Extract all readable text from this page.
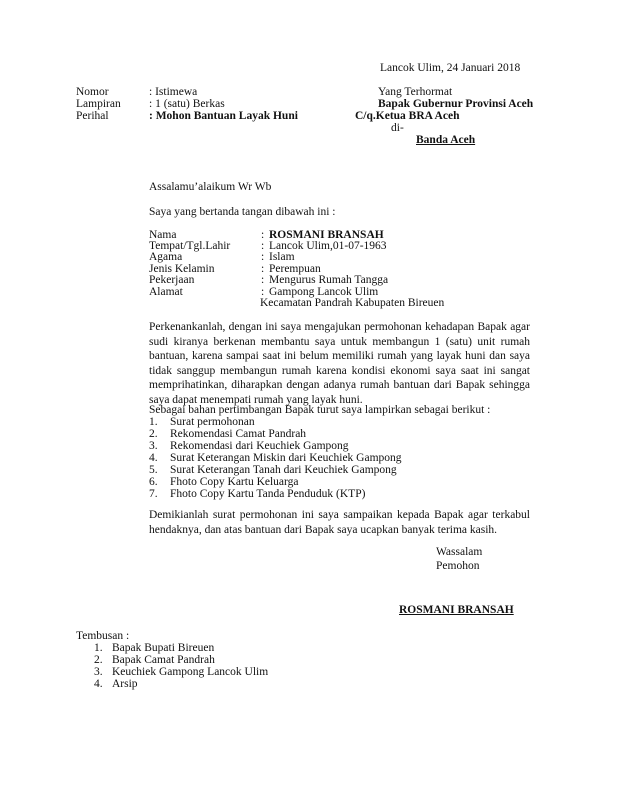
Lancok Ulim, 24 Januari 2018
Nomor	: Istimewa
Lampiran : 1 (satu) Berkas
Perihal	: Mohon Bantuan Layak Huni
Yang Terhormat
Bapak Gubernur Provinsi Aceh
C/q.Ketua BRA Aceh
di-
Banda Aceh
Assalamu’alaikum Wr Wb
Saya yang bertanda tangan dibawah ini :
Nama	: ROSMANI BRANSAH
Tempat/Tgl.Lahir	: Lancok Ulim,01-07-1963
Agama	: Islam
Jenis Kelamin	: Perempuan
Pekerjaan	: Mengurus Rumah Tangga
Alamat	: Gampong Lancok Ulim
Kecamatan Pandrah Kabupaten Bireuen
Perkenankanlah, dengan ini saya mengajukan permohonan kehadapan Bapak agar sudi kiranya berkenan membantu saya untuk membangun 1 (satu) unit rumah bantuan, karena sampai saat ini belum memiliki rumah yang layak huni dan saya tidak sanggup membangun rumah karena kondisi ekonomi saya saat ini sangat memprihatinkan, diharapkan dengan adanya rumah bantuan dari Bapak sehingga saya dapat menempati rumah yang layak huni.
Sebagai bahan pertimbangan Bapak turut saya lampirkan sebagai berikut :
1. Surat permohonan
2. Rekomendasi Camat Pandrah
3. Rekomendasi dari Keuchiek Gampong
4. Surat Keterangan Miskin dari Keuchiek Gampong
5. Surat Keterangan Tanah dari Keuchiek Gampong
6. Fhoto Copy Kartu Keluarga
7. Fhoto Copy Kartu Tanda Penduduk (KTP)
Demikianlah surat permohonan ini saya sampaikan kepada Bapak agar terkabul hendaknya, dan atas bantuan dari Bapak saya ucapkan banyak terima kasih.
Wassalam
Pemohon
ROSMANI BRANSAH
Tembusan :
1. Bapak Bupati Bireuen
2. Bapak Camat Pandrah
3. Keuchiek Gampong Lancok Ulim
4. Arsip
